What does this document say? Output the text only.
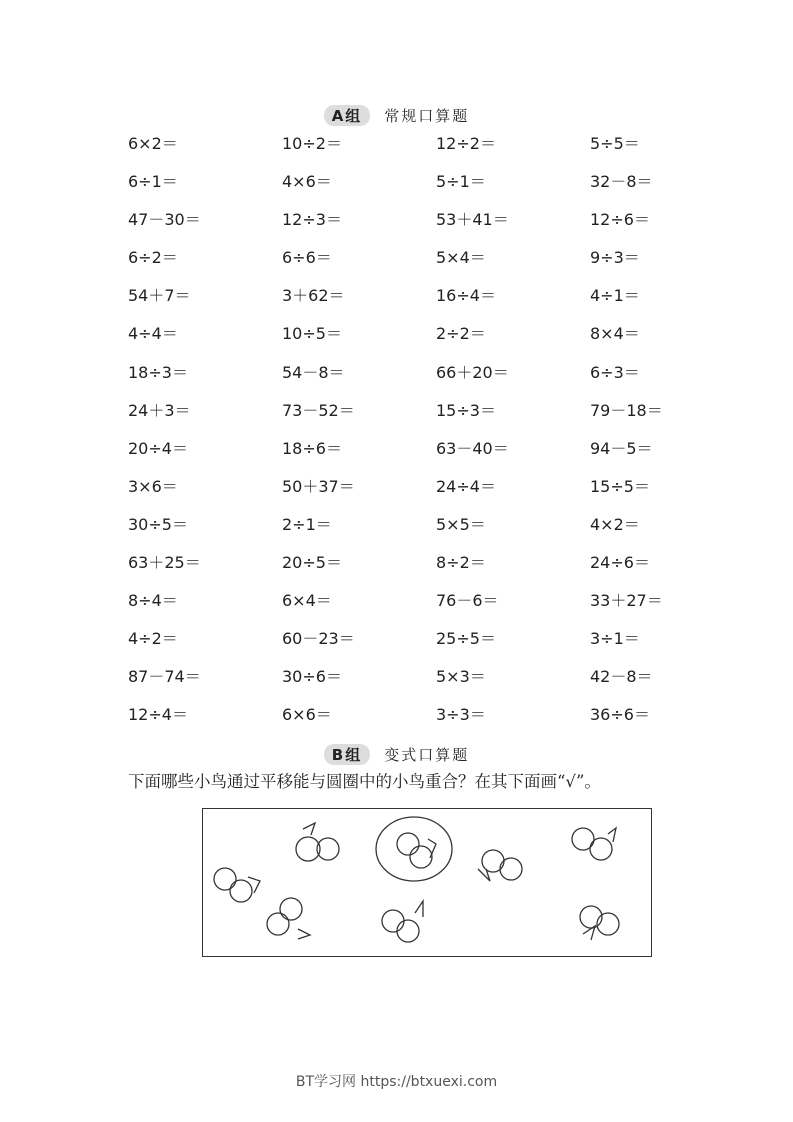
A组 常规口算题
6×2＝	10÷2＝	12÷2＝	5÷5＝
6÷1＝	4×6＝	5÷1＝	32－8＝
47－30＝	12÷3＝	53＋41＝	12÷6＝
6÷2＝	6÷6＝	5×4＝	9÷3＝
54＋7＝	3＋62＝	16÷4＝	4÷1＝
4÷4＝	10÷5＝	2÷2＝	8×4＝
18÷3＝	54－8＝	66＋20＝	6÷3＝
24＋3＝	73－52＝	15÷3＝	79－18＝
20÷4＝	18÷6＝	63－40＝	94－5＝
3×6＝	50＋37＝	24÷4＝	15÷5＝
30÷5＝	2÷1＝	5×5＝	4×2＝
63＋25＝	20÷5＝	8÷2＝	24÷6＝
8÷4＝	6×4＝	76－6＝	33＋27＝
4÷2＝	60－23＝	25÷5＝	3÷1＝
87－74＝	30÷6＝	5×3＝	42－8＝
12÷4＝	6×6＝	3÷3＝	36÷6＝
B组 变式口算题
下面哪些小鸟通过平移能与圆圈中的小鸟重合？在其下面画“√”。
BT学习网 https://btxuexi.com
